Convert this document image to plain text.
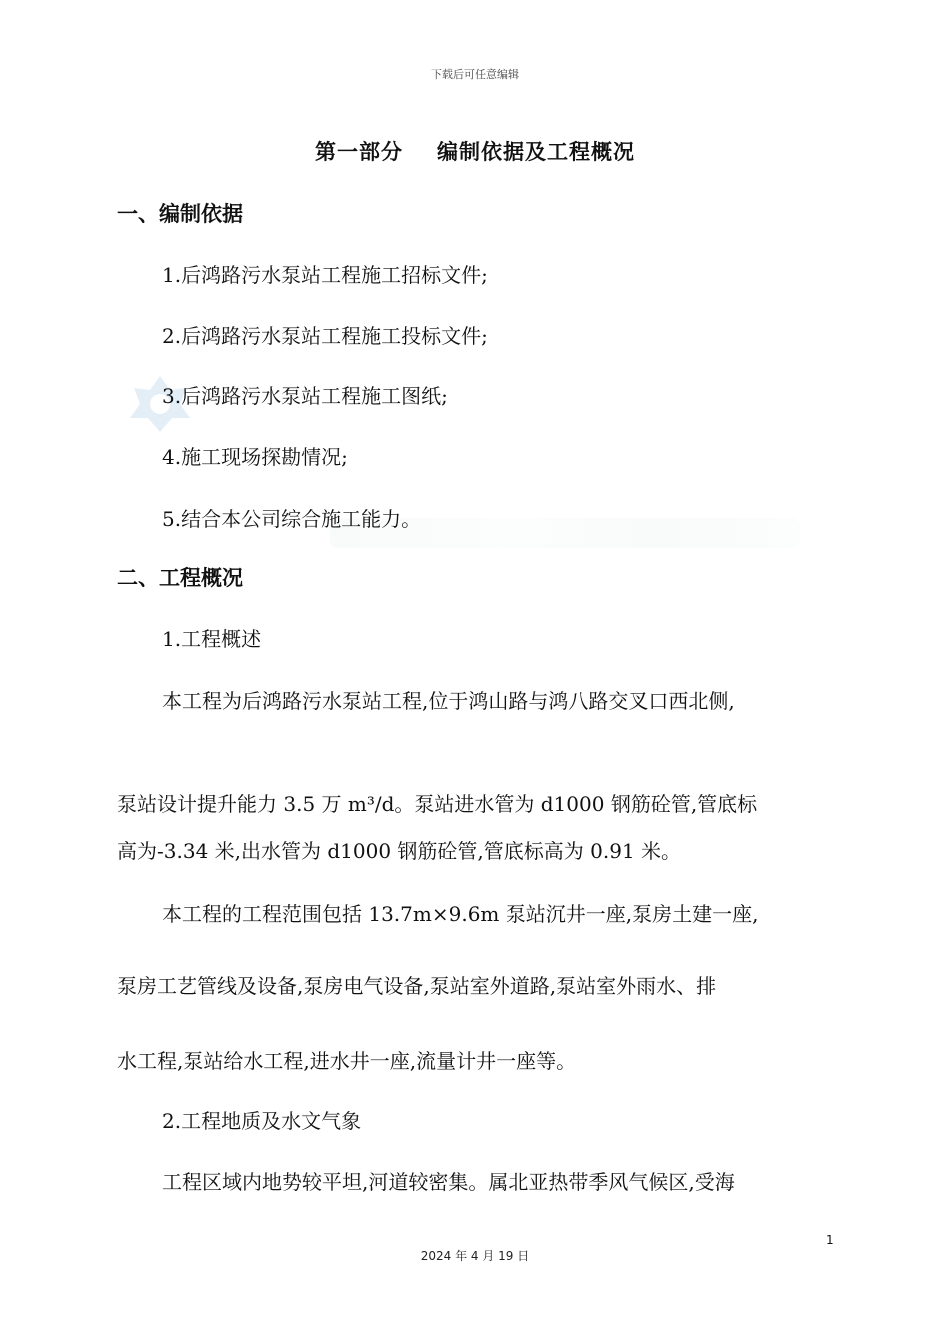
下载后可任意编辑
第一部分 编制依据及工程概况
一、编制依据
1.后鸿路污水泵站工程施工招标文件;
2.后鸿路污水泵站工程施工投标文件;
3.后鸿路污水泵站工程施工图纸;
4.施工现场探勘情况;
5.结合本公司综合施工能力。
二、工程概况
1.工程概述
本工程为后鸿路污水泵站工程,位于鸿山路与鸿八路交叉口西北侧,
泵站设计提升能力 3.5 万 m³/d。泵站进水管为 d1000 钢筋砼管,管底标
高为-3.34 米,出水管为 d1000 钢筋砼管,管底标高为 0.91 米。
本工程的工程范围包括 13.7m×9.6m 泵站沉井一座,泵房土建一座,
泵房工艺管线及设备,泵房电气设备,泵站室外道路,泵站室外雨水、排
水工程,泵站给水工程,进水井一座,流量计井一座等。
2.工程地质及水文气象
工程区域内地势较平坦,河道较密集。属北亚热带季风气候区,受海
1
2024 年 4 月 19 日
